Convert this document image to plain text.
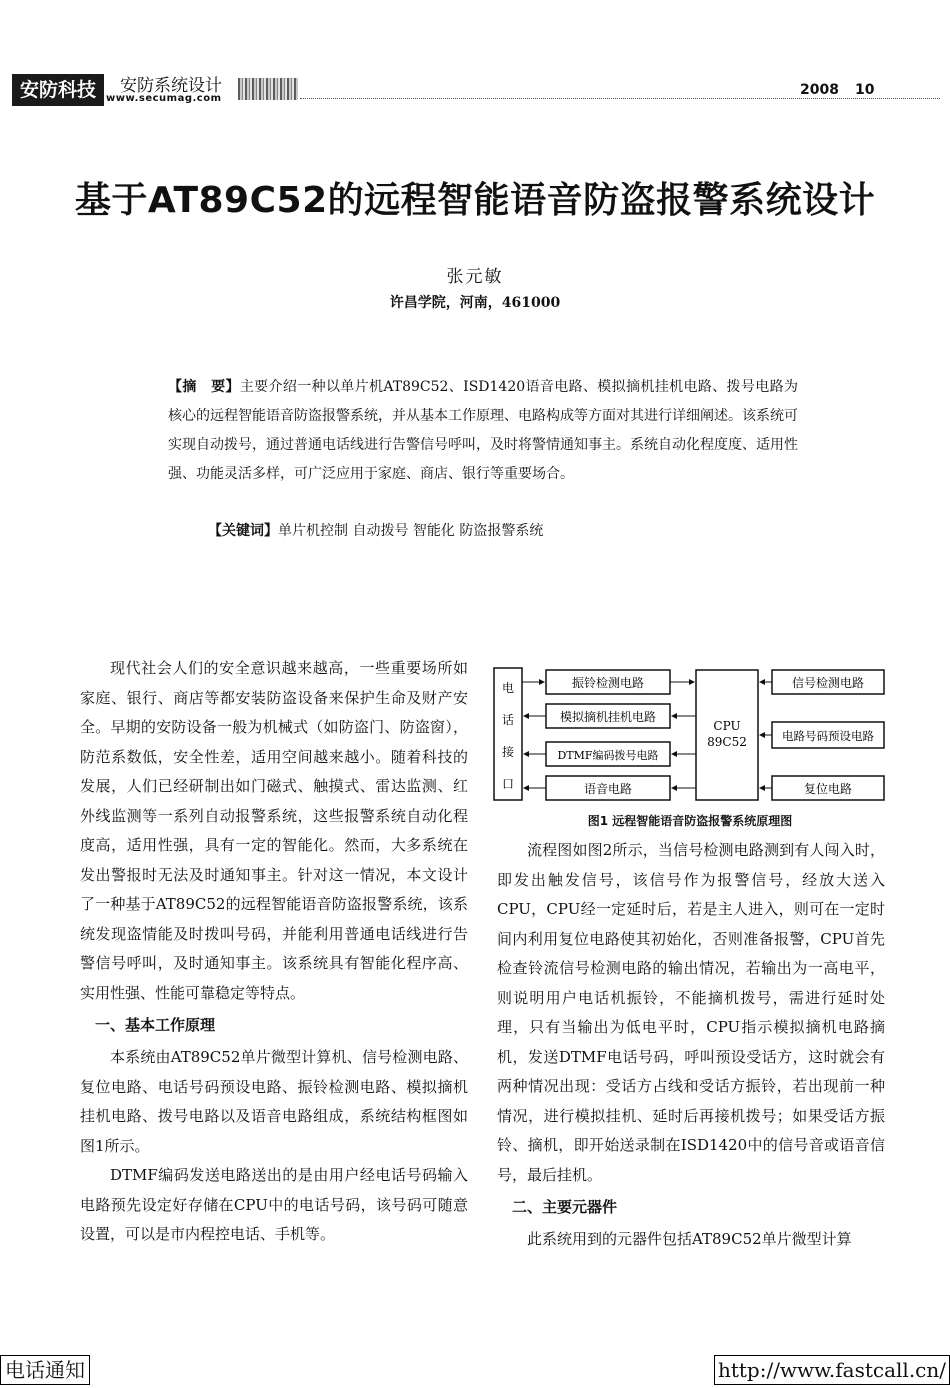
安防科技	安防系统设计
www.secumag.com
2008 10
基于AT89C52的远程智能语音防盗报警系统设计
张元敏
许昌学院，河南，461000
【摘　要】主要介绍一种以单片机AT89C52、ISD1420语音电路、模拟摘机挂机电路、拨号电路为核心的远程智能语音防盗报警系统，并从基本工作原理、电路构成等方面对其进行详细阐述。该系统可实现自动拨号，通过普通电话线进行告警信号呼叫，及时将警情通知事主。系统自动化程度度、适用性强、功能灵活多样，可广泛应用于家庭、商店、银行等重要场合。
【关键词】单片机控制 自动拨号 智能化 防盗报警系统

现代社会人们的安全意识越来越高，一些重要场所如家庭、银行、商店等都安装防盗设备来保护生命及财产安全。早期的安防设备一般为机械式（如防盗门、防盗窗），防范系数低，安全性差，适用空间越来越小。随着科技的发展，人们已经研制出如门磁式、触摸式、雷达监测、红外线监测等一系列自动报警系统，这些报警系统自动化程度高，适用性强，具有一定的智能化。然而，大多系统在发出警报时无法及时通知事主。针对这一情况，本文设计了一种基于AT89C52的远程智能语音防盗报警系统，该系统发现盗情能及时拨叫号码，并能利用普通电话线进行告警信号呼叫，及时通知事主。该系统具有智能化程序高、实用性强、性能可靠稳定等特点。

一、基本工作原理

本系统由AT89C52单片微型计算机、信号检测电路、复位电路、电话号码预设电路、振铃检测电路、模拟摘机挂机电路、拨号电路以及语音电路组成，系统结构框图如图1所示。

DTMF编码发送电路送出的是由用户经电话号码输入电路预先设定好存储在CPU中的电话号码，该号码可随意设置，可以是市内程控电话、手机等。

电
话
接
口
振铃检测电路
模拟摘机挂机电路
DTMF编码拨号电路
语音电路
CPU
89C52
信号检测电路
电路号码预设电路
复位电路
图1 远程智能语音防盗报警系统原理图

流程图如图2所示，当信号检测电路测到有人闯入时，即发出触发信号，该信号作为报警信号，经放大送入CPU，CPU经一定延时后，若是主人进入，则可在一定时间内利用复位电路使其初始化，否则准备报警，CPU首先检查铃流信号检测电路的输出情况，若输出为一高电平，则说明用户电话机振铃，不能摘机拨号，需进行延时处理，只有当输出为低电平时，CPU指示模拟摘机电路摘机，发送DTMF电话号码，呼叫预设受话方，这时就会有两种情况出现：受话方占线和受话方振铃，若出现前一种情况，进行模拟挂机、延时后再接机拨号；如果受话方振铃、摘机，即开始送录制在ISD1420中的信号音或语音信号，最后挂机。

二、主要元器件

此系统用到的元器件包括AT89C52单片微型计算

电话通知	http://www.fastcall.cn/
